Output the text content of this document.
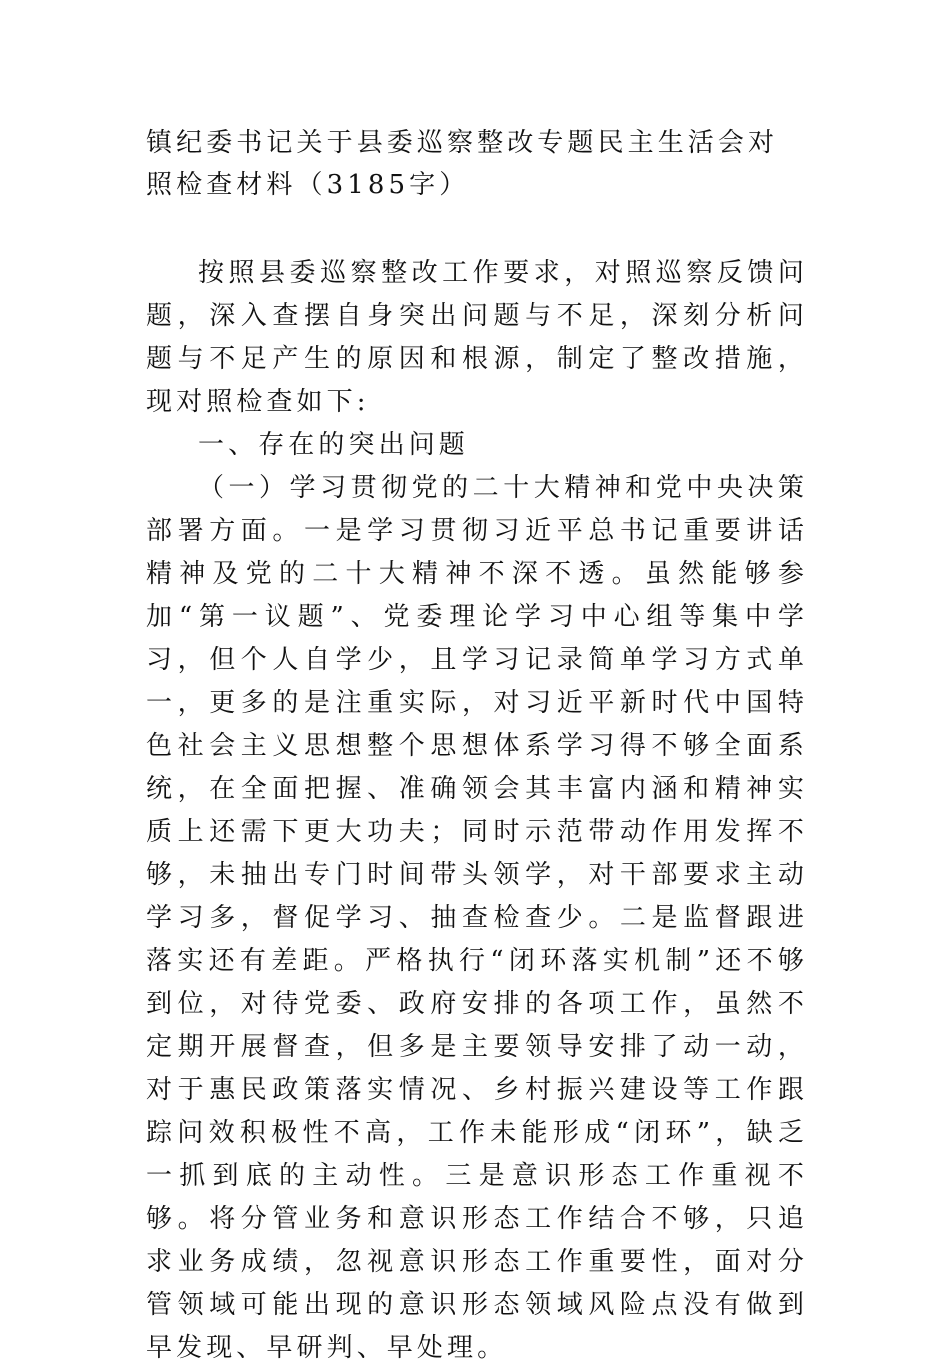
镇纪委书记关于县委巡察整改专题民主生活会对照检查材料（3185字）

按照县委巡察整改工作要求，对照巡察反馈问题，深入查摆自身突出问题与不足，深刻分析问题与不足产生的原因和根源，制定了整改措施，现对照检查如下:

一、存在的突出问题

（一）学习贯彻党的二十大精神和党中央决策部署方面。一是学习贯彻习近平总书记重要讲话精神及党的二十大精神不深不透。虽然能够参加“第一议题”、党委理论学习中心组等集中学习，但个人自学少，且学习记录简单学习方式单一，更多的是注重实际，对习近平新时代中国特色社会主义思想整个思想体系学习得不够全面系统，在全面把握、准确领会其丰富内涵和精神实质上还需下更大功夫；同时示范带动作用发挥不够，未抽出专门时间带头领学，对干部要求主动学习多，督促学习、抽查检查少。二是监督跟进落实还有差距。严格执行“闭环落实机制”还不够到位，对待党委、政府安排的各项工作，虽然不定期开展督查，但多是主要领导安排了动一动，对于惠民政策落实情况、乡村振兴建设等工作跟踪问效积极性不高，工作未能形成“闭环”，缺乏一抓到底的主动性。三是意识形态工作重视不够。将分管业务和意识形态工作结合不够，只追求业务成绩，忽视意识形态工作重要性，面对分管领域可能出现的意识形态领域风险点没有做到早发现、早研判、早处理。
